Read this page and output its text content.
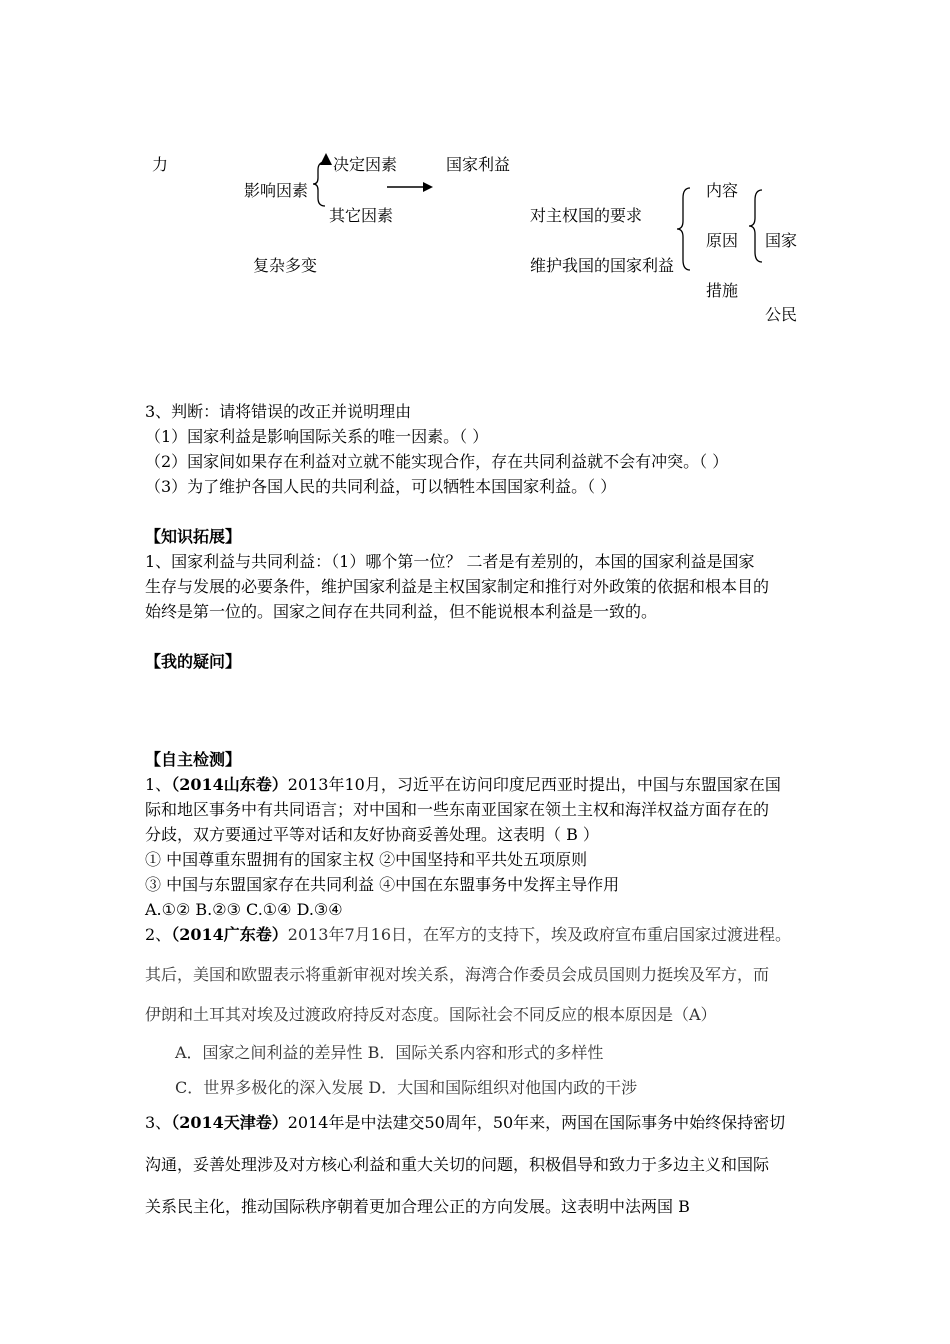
力
影响因素
决定因素
其它因素
国家利益
复杂多变
对主权国的要求
维护我国的国家利益
内容
原因
措施
国家
公民
3、判断：请将错误的改正并说明理由
（1）国家利益是影响国际关系的唯一因素。（ ）
（2）国家间如果存在利益对立就不能实现合作，存在共同利益就不会有冲突。（ ）
（3）为了维护各国人民的共同利益，可以牺牲本国国家利益。（ ）
【知识拓展】
1、国家利益与共同利益：（1）哪个第一位？ 二者是有差别的，本国的国家利益是国家
生存与发展的必要条件，维护国家利益是主权国家制定和推行对外政策的依据和根本目的
始终是第一位的。国家之间存在共同利益，但不能说根本利益是一致的。
【我的疑问】
【自主检测】
1、（2014山东卷）2013年10月，习近平在访问印度尼西亚时提出，中国与东盟国家在国
际和地区事务中有共同语言；对中国和一些东南亚国家在领土主权和海洋权益方面存在的
分歧，双方要通过平等对话和友好协商妥善处理。这表明（ B ）
① 中国尊重东盟拥有的国家主权 ②中国坚持和平共处五项原则
③ 中国与东盟国家存在共同利益 ④中国在东盟事务中发挥主导作用
A.①② B.②③ C.①④ D.③④
2、（2014广东卷）2013年7月16日，在军方的支持下，埃及政府宣布重启国家过渡进程。
其后，美国和欧盟表示将重新审视对埃关系，海湾合作委员会成员国则力挺埃及军方，而
伊朗和土耳其对埃及过渡政府持反对态度。国际社会不同反应的根本原因是（A）
A．国家之间利益的差异性 B．国际关系内容和形式的多样性
C．世界多极化的深入发展 D．大国和国际组织对他国内政的干涉
3、（2014天津卷）2014年是中法建交50周年，50年来，两国在国际事务中始终保持密切
沟通，妥善处理涉及对方核心利益和重大关切的问题，积极倡导和致力于多边主义和国际
关系民主化，推动国际秩序朝着更加合理公正的方向发展。这表明中法两国 B
